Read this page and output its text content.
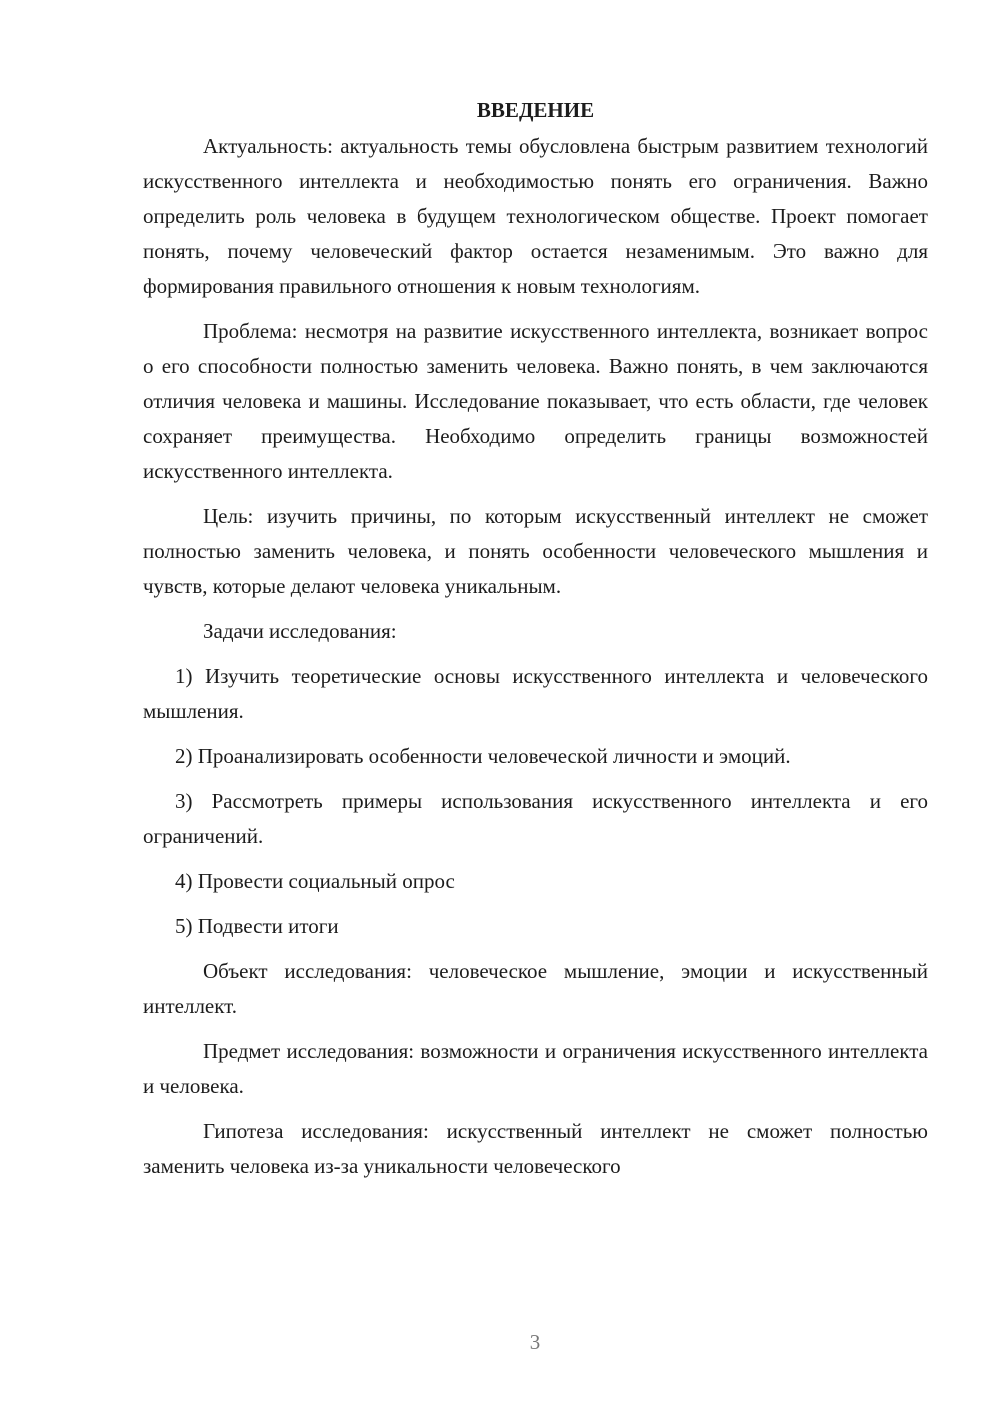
ВВЕДЕНИЕ

Актуальность: актуальность темы обусловлена быстрым развитием технологий искусственного интеллекта и необходимостью понять его ограничения. Важно определить роль человека в будущем технологическом обществе. Проект помогает понять, почему человеческий фактор остается незаменимым. Это важно для формирования правильного отношения к новым технологиям.

Проблема: несмотря на развитие искусственного интеллекта, возникает вопрос о его способности полностью заменить человека. Важно понять, в чем заключаются отличия человека и машины. Исследование показывает, что есть области, где человек сохраняет преимущества. Необходимо определить границы возможностей искусственного интеллекта.

Цель: изучить причины, по которым искусственный интеллект не сможет полностью заменить человека, и понять особенности человеческого мышления и чувств, которые делают человека уникальным.

Задачи исследования:

1) Изучить теоретические основы искусственного интеллекта и человеческого мышления.

2) Проанализировать особенности человеческой личности и эмоций.

3) Рассмотреть примеры использования искусственного интеллекта и его ограничений.

4) Провести социальный опрос

5) Подвести итоги

Объект исследования: человеческое мышление, эмоции и искусственный интеллект.

Предмет исследования: возможности и ограничения искусственного интеллекта и человека.

Гипотеза исследования: искусственный интеллект не сможет полностью заменить человека из-за уникальности человеческого

3
